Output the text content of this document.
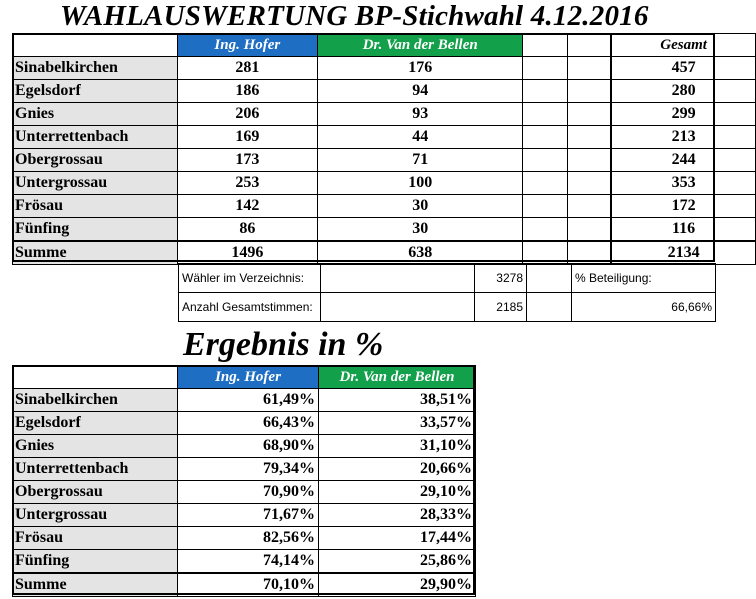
WAHLAUSWERTUNG BP-Stichwahl 4.12.2016
	Ing. Hofer	Dr. Van der Bellen			Gesamt
Sinabelkirchen	281	176			457
Egelsdorf	186	94			280
Gnies	206	93			299
Unterrettenbach	169	44			213
Obergrossau	173	71			244
Untergrossau	253	100			353
Frösau	142	30			172
Fünfing	86	30			116
Summe	1496	638			2134
Wähler im Verzeichnis:		3278		% Beteiligung:
Anzahl Gesamtstimmen:		2185		66,66%
Ergebnis in %
	Ing. Hofer	Dr. Van der Bellen
Sinabelkirchen	61,49%	38,51%
Egelsdorf	66,43%	33,57%
Gnies	68,90%	31,10%
Unterrettenbach	79,34%	20,66%
Obergrossau	70,90%	29,10%
Untergrossau	71,67%	28,33%
Frösau	82,56%	17,44%
Fünfing	74,14%	25,86%
Summe	70,10%	29,90%
